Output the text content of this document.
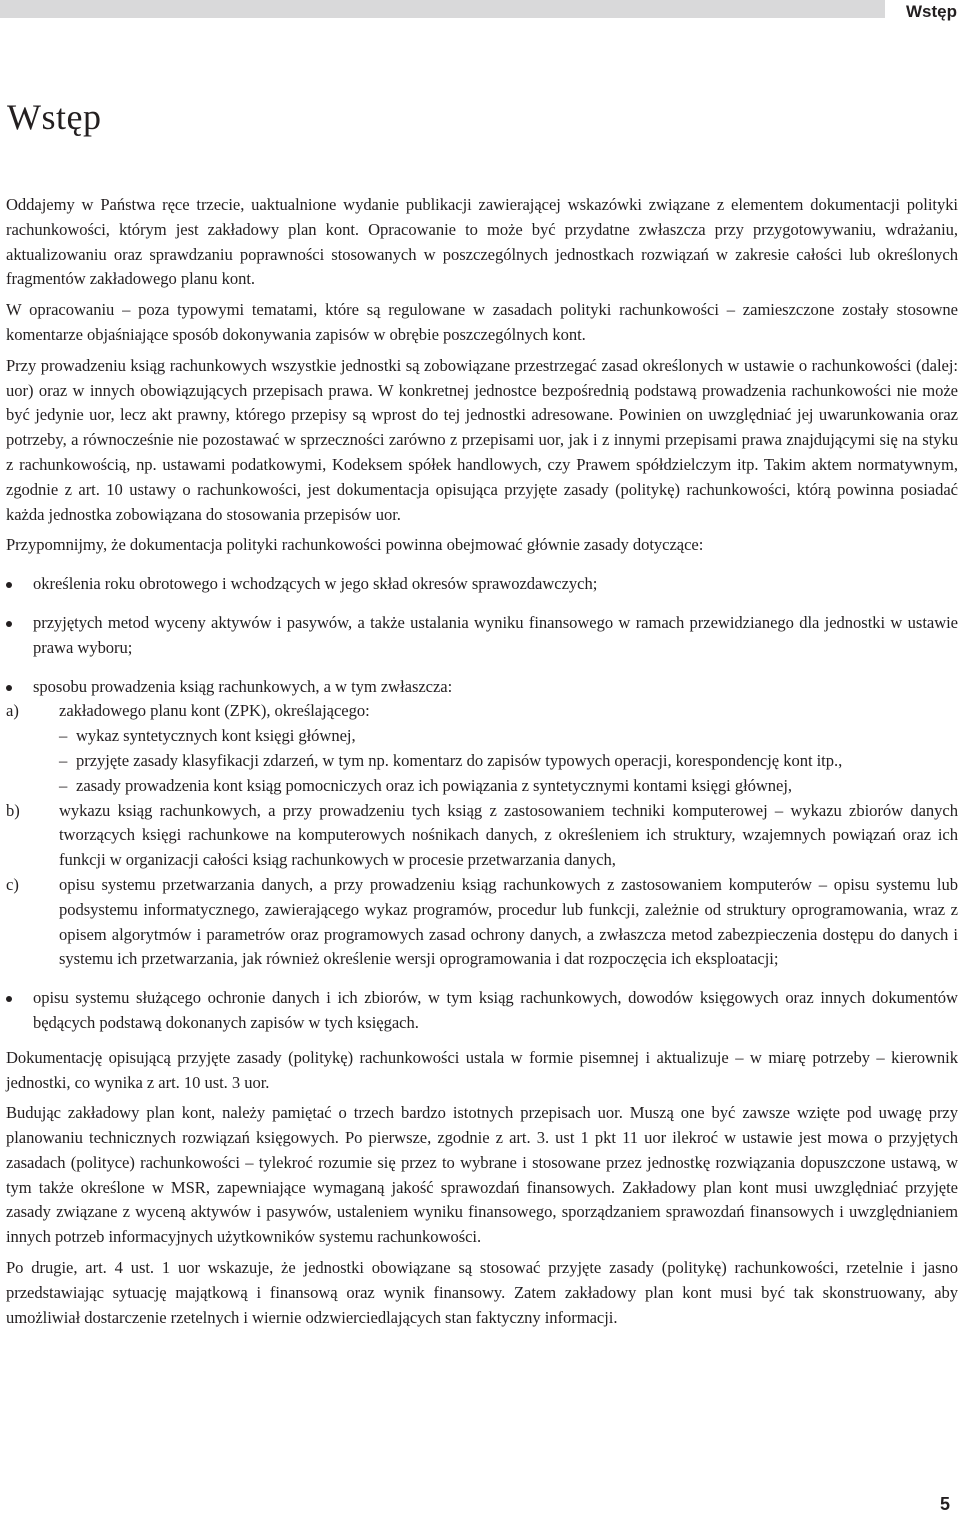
Wstęp
Wstęp

Oddajemy w Państwa ręce trzecie, uaktualnione wydanie publikacji zawierającej wskazówki związane z elementem dokumentacji polityki rachunkowości, którym jest zakładowy plan kont. Opracowanie to może być przydatne zwłaszcza przy przygotowywaniu, wdrażaniu, aktualizowaniu oraz sprawdzaniu poprawności stosowanych w poszczególnych jednostkach rozwiązań w zakresie całości lub określonych fragmentów zakładowego planu kont.

W opracowaniu – poza typowymi tematami, które są regulowane w zasadach polityki rachunkowości – zamieszczone zostały stosowne komentarze objaśniające sposób dokonywania zapisów w obrębie poszczególnych kont.

Przy prowadzeniu ksiąg rachunkowych wszystkie jednostki są zobowiązane przestrzegać zasad określonych w ustawie o rachunkowości (dalej: uor) oraz w innych obowiązujących przepisach prawa. W konkretnej jednostce bezpośrednią podstawą prowadzenia rachunkowości nie może być jedynie uor, lecz akt prawny, którego przepisy są wprost do tej jednostki adresowane. Powinien on uwzględniać jej uwarunkowania oraz potrzeby, a równocześnie nie pozostawać w sprzeczności zarówno z przepisami uor, jak i z innymi przepisami prawa znajdującymi się na styku z rachunkowością, np. ustawami podatkowymi, Kodeksem spółek handlowych, czy Prawem spółdzielczym itp. Takim aktem normatywnym, zgodnie z art. 10 ustawy o rachunkowości, jest dokumentacja opisująca przyjęte zasady (politykę) rachunkowości, którą powinna posiadać każda jednostka zobowiązana do stosowania przepisów uor.

Przypomnijmy, że dokumentacja polityki rachunkowości powinna obejmować głównie zasady dotyczące:

określenia roku obrotowego i wchodzących w jego skład okresów sprawozdawczych;
przyjętych metod wyceny aktywów i pasywów, a także ustalania wyniku finansowego w ramach przewidzianego dla jednostki w ustawie prawa wyboru;
sposobu prowadzenia ksiąg rachunkowych, a w tym zwłaszcza:
a)	zakładowego planu kont (ZPK), określającego:
– wykaz syntetycznych kont księgi głównej,
– przyjęte zasady klasyfikacji zdarzeń, w tym np. komentarz do zapisów typowych operacji, korespondencję kont itp.,
– zasady prowadzenia kont ksiąg pomocniczych oraz ich powiązania z syntetycznymi kontami księgi głównej,
b)	wykazu ksiąg rachunkowych, a przy prowadzeniu tych ksiąg z zastosowaniem techniki komputerowej – wykazu zbiorów danych tworzących księgi rachunkowe na komputerowych nośnikach danych, z określeniem ich struktury, wzajemnych powiązań oraz ich funkcji w organizacji całości ksiąg rachunkowych w procesie przetwarzania danych,
c)	opisu systemu przetwarzania danych, a przy prowadzeniu ksiąg rachunkowych z zastosowaniem komputerów – opisu systemu lub podsystemu informatycznego, zawierającego wykaz programów, procedur lub funkcji, zależnie od struktury oprogramowania, wraz z opisem algorytmów i parametrów oraz programowych zasad ochrony danych, a zwłaszcza metod zabezpieczenia dostępu do danych i systemu ich przetwarzania, jak również określenie wersji oprogramowania i dat rozpoczęcia ich eksploatacji;
opisu systemu służącego ochronie danych i ich zbiorów, w tym ksiąg rachunkowych, dowodów księgowych oraz innych dokumentów będących podstawą dokonanych zapisów w tych księgach.

Dokumentację opisującą przyjęte zasady (politykę) rachunkowości ustala w formie pisemnej i aktualizuje – w miarę potrzeby – kierownik jednostki, co wynika z art. 10 ust. 3 uor.

Budując zakładowy plan kont, należy pamiętać o trzech bardzo istotnych przepisach uor. Muszą one być zawsze wzięte pod uwagę przy planowaniu technicznych rozwiązań księgowych. Po pierwsze, zgodnie z art. 3. ust 1 pkt 11 uor ilekroć w ustawie jest mowa o przyjętych zasadach (polityce) rachunkowości – tylekroć rozumie się przez to wybrane i stosowane przez jednostkę rozwiązania dopuszczone ustawą, w tym także określone w MSR, zapewniające wymaganą jakość sprawozdań finansowych. Zakładowy plan kont musi uwzględniać przyjęte zasady związane z wyceną aktywów i pasywów, ustaleniem wyniku finansowego, sporządzaniem sprawozdań finansowych i uwzględnianiem innych potrzeb informacyjnych użytkowników systemu rachunkowości.

Po drugie, art. 4 ust. 1 uor wskazuje, że jednostki obowiązane są stosować przyjęte zasady (politykę) rachunkowości, rzetelnie i jasno przedstawiając sytuację majątkową i finansową oraz wynik finansowy. Zatem zakładowy plan kont musi być tak skonstruowany, aby umożliwiał dostarczenie rzetelnych i wiernie odzwierciedlających stan faktyczny informacji.

5
